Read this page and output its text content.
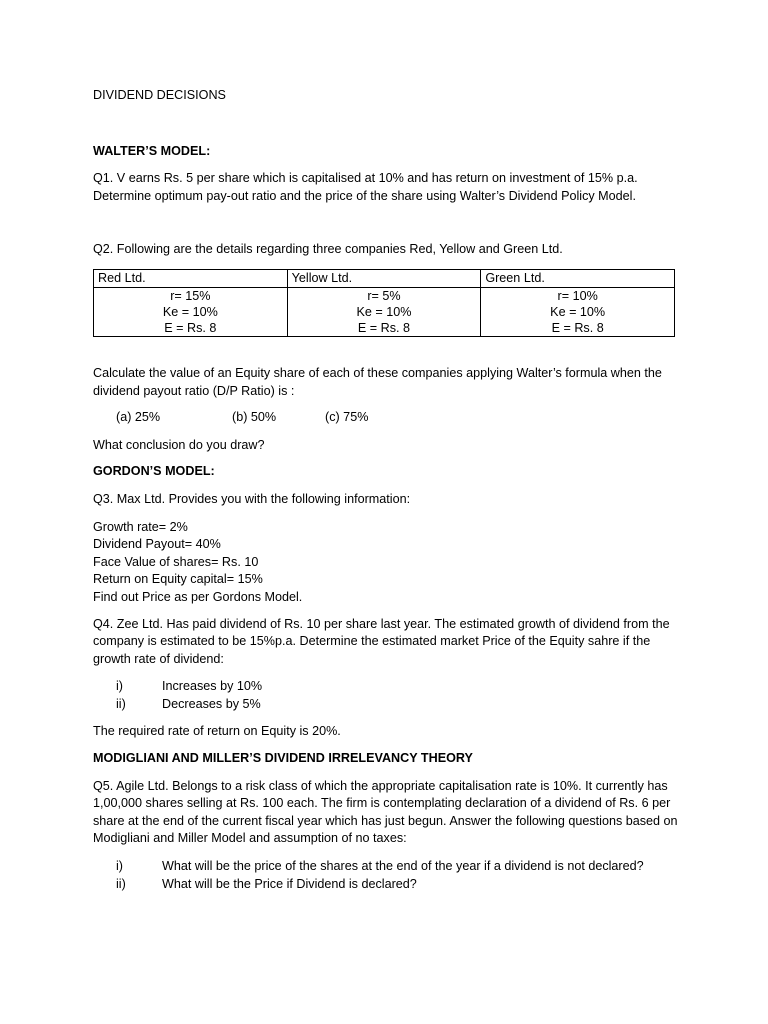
DIVIDEND DECISIONS

WALTER’S MODEL:

Q1. V earns Rs. 5 per share which is capitalised at 10% and has return on investment of 15% p.a. Determine optimum pay-out ratio and the price of the share using Walter’s Dividend Policy Model.

Q2. Following are the details regarding three companies Red, Yellow and Green Ltd.

Red Ltd.	Yellow Ltd.	Green Ltd.

r= 15%
Ke = 10%
E = Rs. 8	r= 5%
Ke = 10%
E = Rs. 8	r= 10%
Ke = 10%
E = Rs. 8

Calculate the value of an Equity share of each of these companies applying Walter’s formula when the dividend payout ratio (D/P Ratio) is :

(a) 25%	(b) 50%	(c) 75%

What conclusion do you draw?

GORDON’S MODEL:

Q3. Max Ltd. Provides you with the following information:

Growth rate= 2%
Dividend Payout= 40%
Face Value of shares= Rs. 10
Return on Equity capital= 15%
Find out Price as per Gordons Model.

Q4. Zee Ltd. Has paid dividend of Rs. 10 per share last year. The estimated growth of dividend from the company is estimated to be 15%p.a. Determine the estimated market Price of the Equity sahre if the growth rate of dividend:

i)	Increases by 10%
ii)	Decreases by 5%

The required rate of return on Equity is 20%.

MODIGLIANI AND MILLER’S DIVIDEND IRRELEVANCY THEORY

Q5. Agile Ltd. Belongs to a risk class of which the appropriate capitalisation rate is 10%. It currently has 1,00,000 shares selling at Rs. 100 each. The firm is contemplating declaration of a dividend of Rs. 6 per share at the end of the current fiscal year which has just begun. Answer the following questions based on Modigliani and Miller Model and assumption of no taxes:

i)	What will be the price of the shares at the end of the year if a dividend is not declared?
ii)	What will be the Price if Dividend is declared?
